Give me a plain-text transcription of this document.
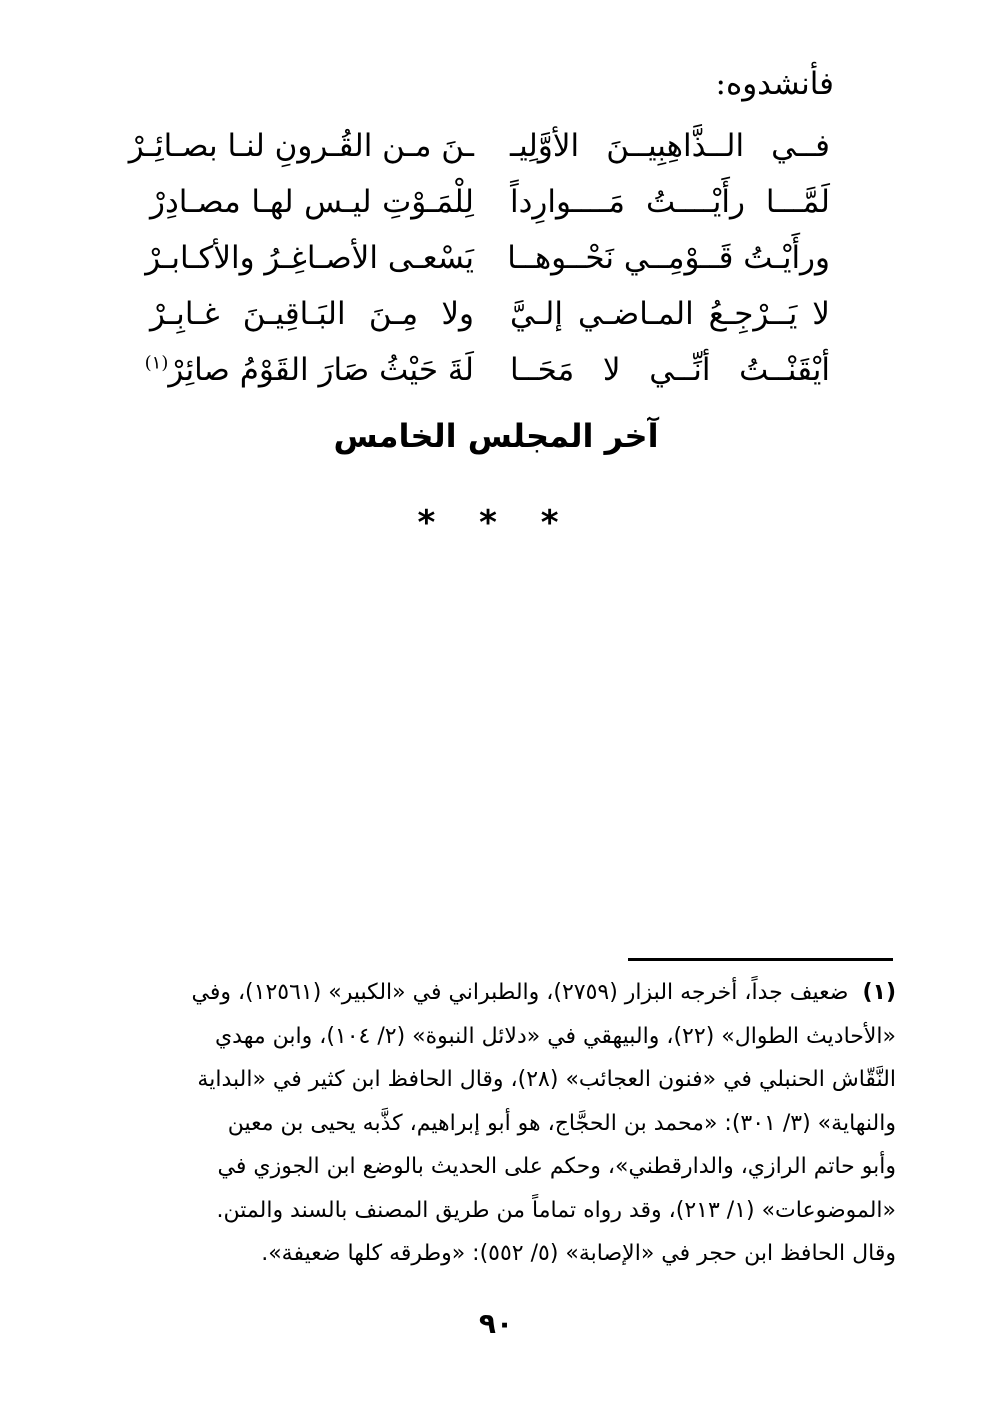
فأنشدوه:
فــي الــذَّاهِبِيــنَ الأوَّلِيـ
ـنَ مـن القُـرونِ لنـا بصـائِـرْ
لَمَّـــا رأَيْــــتُ مَــــوارِداً
لِلْمَـوْتِ ليـس لهـا مصـادِرْ
ورأَيْـتُ قَــوْمِــي نَحْــوهــا
يَسْعـى الأصـاغِـرُ والأكـابـرْ
لا يَــرْجِـعُ المـاضـي إلـيَّ
ولا مِـنَ البَـاقِيـنَ غـابِـرْ
أيْقَنْــتُ أنِّــي لا مَحَــا
لَةَ حَيْثُ صَارَ القَوْمُ صائِرْ$^{(١)}$
آخر المجلس الخامس
* * *
(١)ضعيف جداً، أخرجه البزار (٢٧٥٩)، والطبراني في «الكبير» (١٢٥٦١)، وفي
«الأحاديث الطوال» (٢٢)، والبيهقي في «دلائل النبوة» (٢/ ١٠٤)، وابن مهدي
النَّقّاش الحنبلي في «فنون العجائب» (٢٨)، وقال الحافظ ابن كثير في «البداية
والنهاية» (٣/ ٣٠١): «محمد بن الحجَّاج، هو أبو إبراهيم، كذَّبه يحيى بن معين
وأبو حاتم الرازي، والدارقطني»، وحكم على الحديث بالوضع ابن الجوزي في
«الموضوعات» (١/ ٢١٣)، وقد رواه تماماً من طريق المصنف بالسند والمتن.
وقال الحافظ ابن حجر في «الإصابة» (٥/ ٥٥٢): «وطرقه كلها ضعيفة».
٩٠
